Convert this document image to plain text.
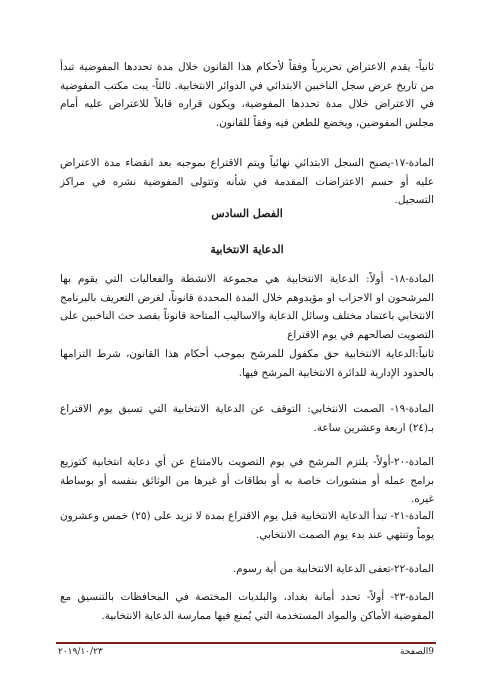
ثانياً- يقدم الاعتراض تحريرياً وفقاً لأحكام هذا القانون خلال مدة تحددها المفوضية تبدأ من تاريخ عرض سجل الناخبين الابتدائي في الدوائر الانتخابية. ثالثاً- يبت مكتب المفوضية في الاعتراض خلال مدة تحددها المفوضية، ويكون قراره قابلاً للاعتراض عليه أمام مجلس المفوضين، ويخضع للطعن فيه وفقاً للقانون.

المادة-١٧-يصبح السجل الابتدائي نهائياً ويتم الاقتراع بموجبه بعد انقضاء مدة الاعتراض عليه أو حسم الاعتراضات المقدمة في شأنه وتتولى المفوضية نشره في مراكز التسجيل.

الفصل السادس
الدعاية الانتخابية

المادة-١٨- أولاً: الدعاية الانتخابية هي مجموعة الانشطة والفعاليات التي يقوم بها المرشحون او الاحزاب او مؤيدوهم خلال المدة المحددة قانوناً، لغرض التعريف بالبرنامج الانتخابي باعتماد مختلف وسائل الدعاية والاساليب المتاحة قانوناً بقصد حث الناخبين على التصويت لصالحهم في يوم الاقتراع

ثانياً:الدعاية الانتخابية حق مكفول للمرشح بموجب أحكام هذا القانون، شرط التزامها بالحدود الإدارية للدائرة الانتخابية المرشح فيها.

المادة-١٩- الصمت الانتخابي: التوقف عن الدعاية الانتخابية التي تسبق يوم الاقتراع بـ(٢٤) اربعة وعشرين ساعة.

المادة-٢٠-أولاً- يلتزم المرشح في يوم التصويت بالامتناع عن أي دعاية انتخابية كتوزيع برامج عمله أو منشورات خاصة به أو بطاقات أو غيرها من الوثائق بنفسه أو بوساطة غيره.

المادة-٢١- تبدأ الدعاية الانتخابية قبل يوم الاقتراع بمدة لا تزيد على (٢٥) خمس وعشرون يوماً وتنتهي عند بدء يوم الصمت الانتخابي.

المادة-٢٢-تعفى الدعاية الانتخابية من أية رسوم.

المادة-٢٣- أولاً- تحدد أمانة بغداد، والبلديات المختصة في المحافظات بالتنسيق مع المفوضية الأماكن والمواد المستخدمة التي يُمنع فيها ممارسة الدعاية الانتخابية.

9الصفحة
٢٠١٩/١٠/٢٣
